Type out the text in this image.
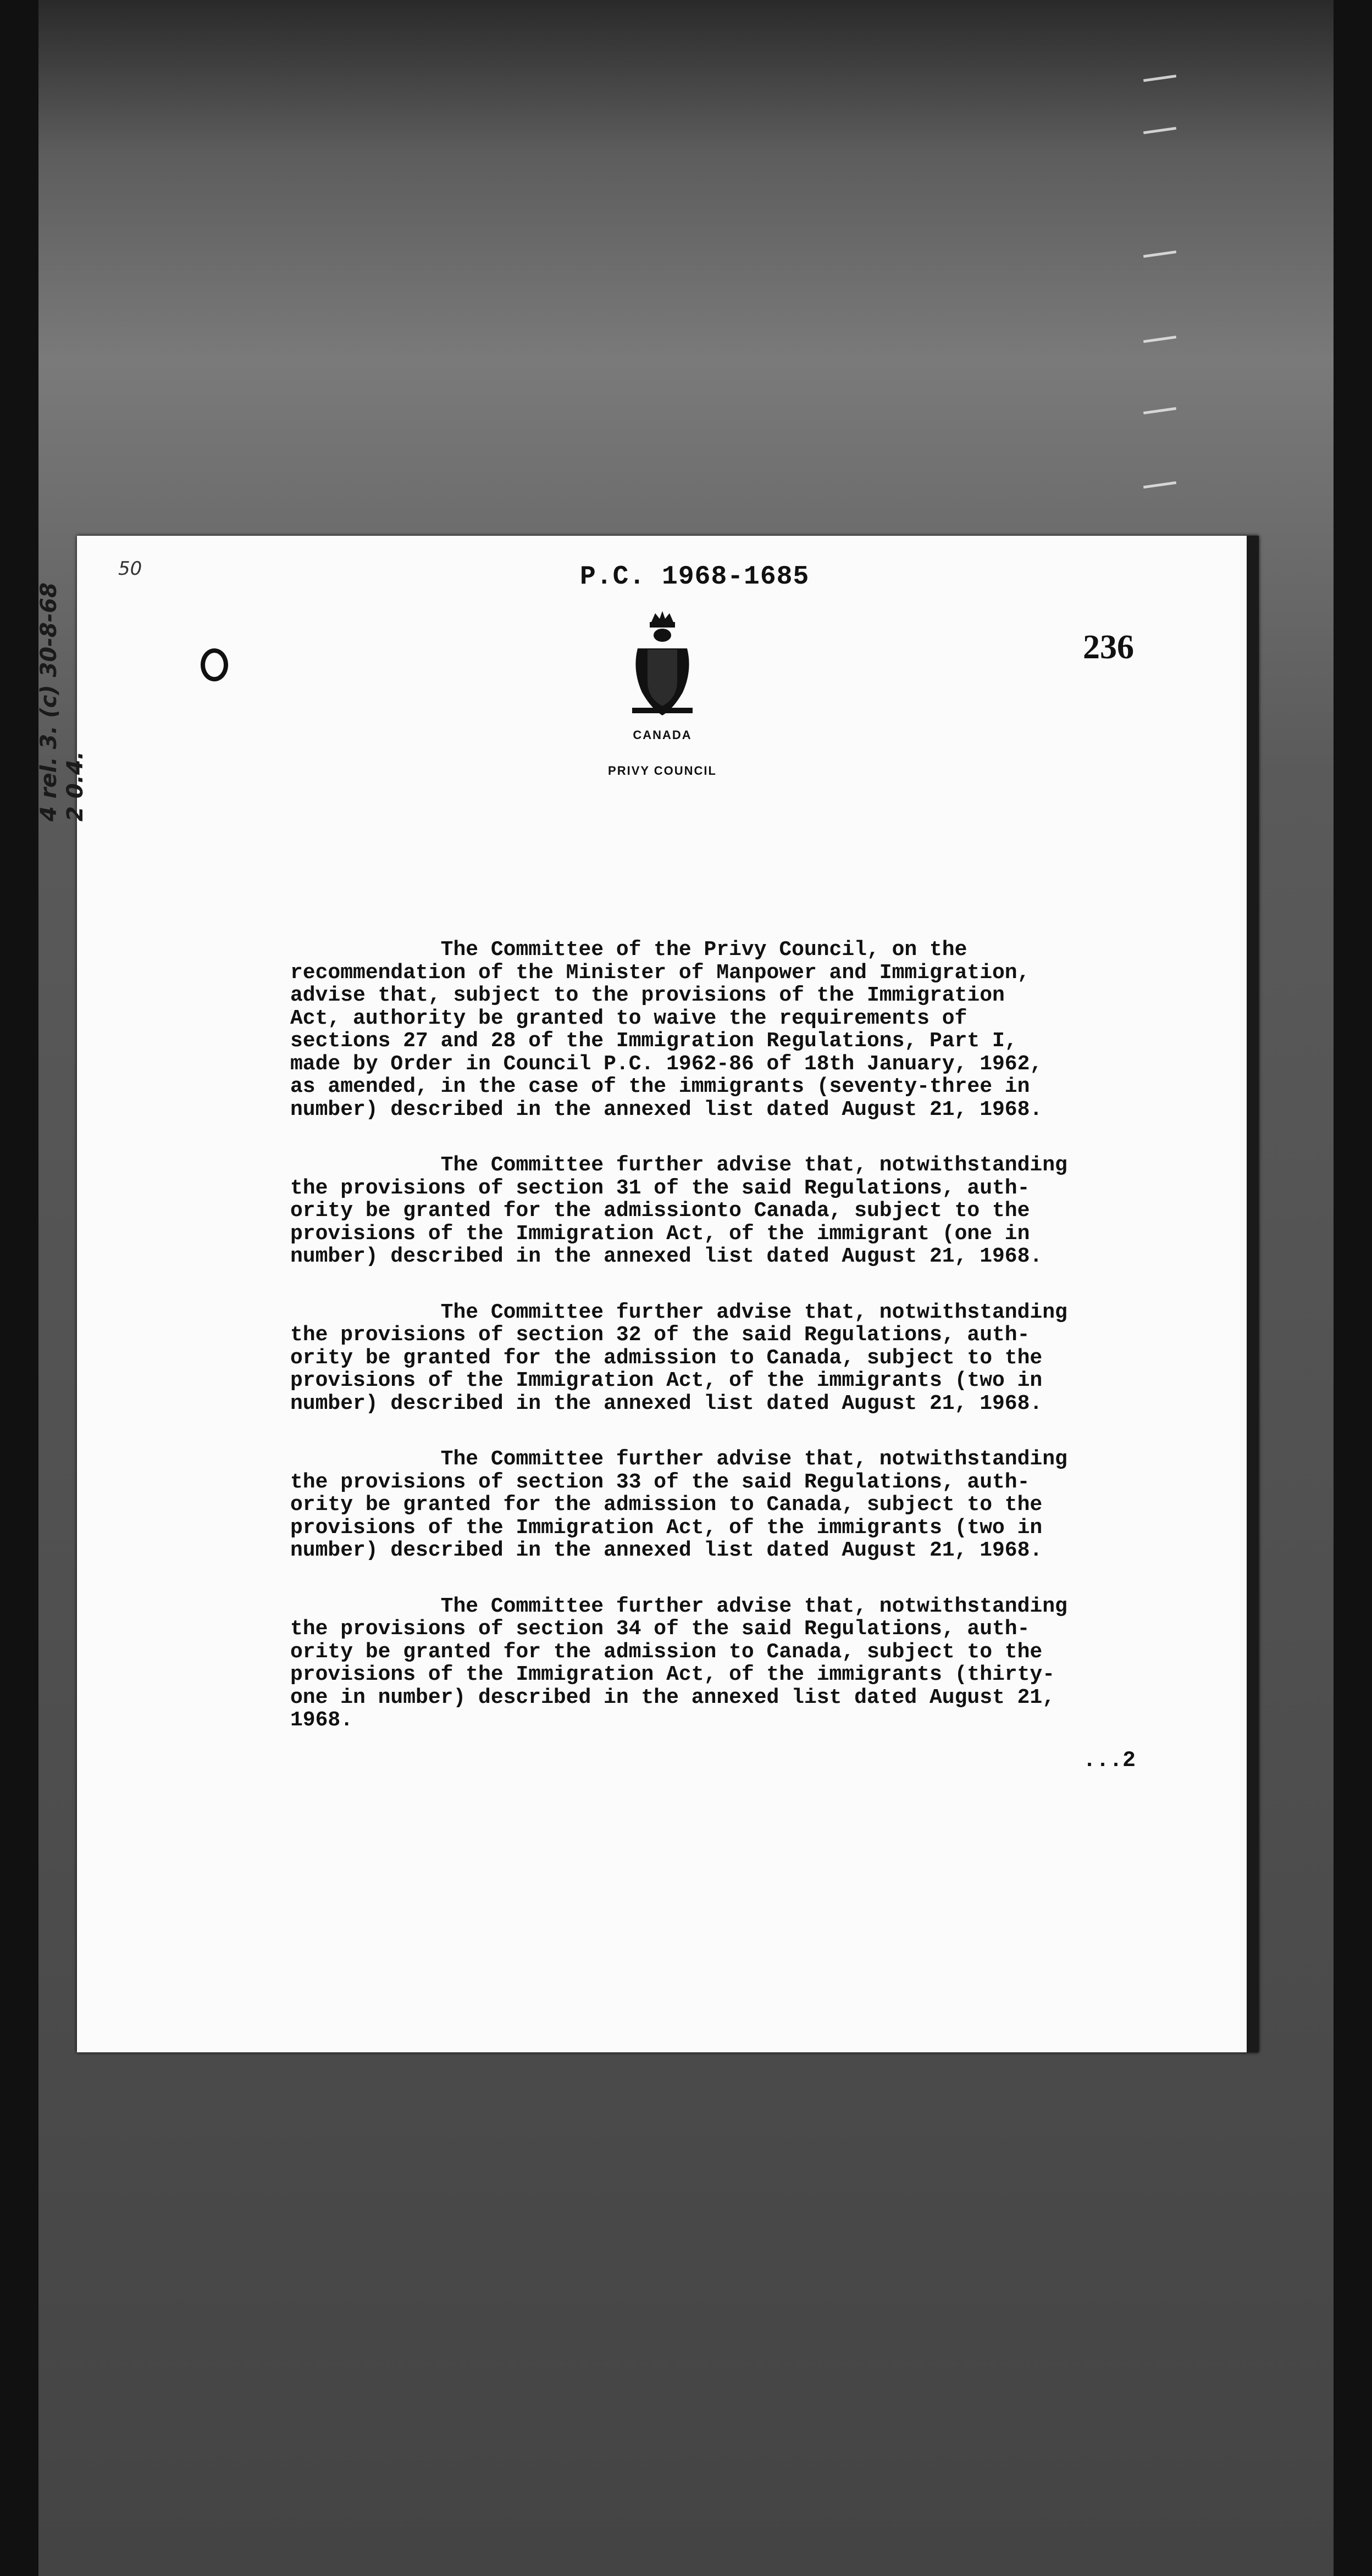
50	P.C. 1968-1685
236
CANADA
PRIVY COUNCIL

The Committee of the Privy Council, on the
recommendation of the Minister of Manpower and Immigration,
advise that, subject to the provisions of the Immigration
Act, authority be granted to waive the requirements of
sections 27 and 28 of the Immigration Regulations, Part I,
made by Order in Council P.C. 1962-86 of 18th January, 1962,
as amended, in the case of the immigrants (seventy-three in
number) described in the annexed list dated August 21, 1968.

The Committee further advise that, notwithstanding
the provisions of section 31 of the said Regulations, auth-
ority be granted for the admissionto Canada, subject to the
provisions of the Immigration Act, of the immigrant (one in
number) described in the annexed list dated August 21, 1968.

The Committee further advise that, notwithstanding
the provisions of section 32 of the said Regulations, auth-
ority be granted for the admission to Canada, subject to the
provisions of the Immigration Act, of the immigrants (two in
number) described in the annexed list dated August 21, 1968.

The Committee further advise that, notwithstanding
the provisions of section 33 of the said Regulations, auth-
ority be granted for the admission to Canada, subject to the
provisions of the Immigration Act, of the immigrants (two in
number) described in the annexed list dated August 21, 1968.

The Committee further advise that, notwithstanding
the provisions of section 34 of the said Regulations, auth-
ority be granted for the admission to Canada, subject to the
provisions of the Immigration Act, of the immigrants (thirty-
one in number) described in the annexed list dated August 21,
1968.

...2
4 rel. 3. (c) 30-8-68 2 0.4.
